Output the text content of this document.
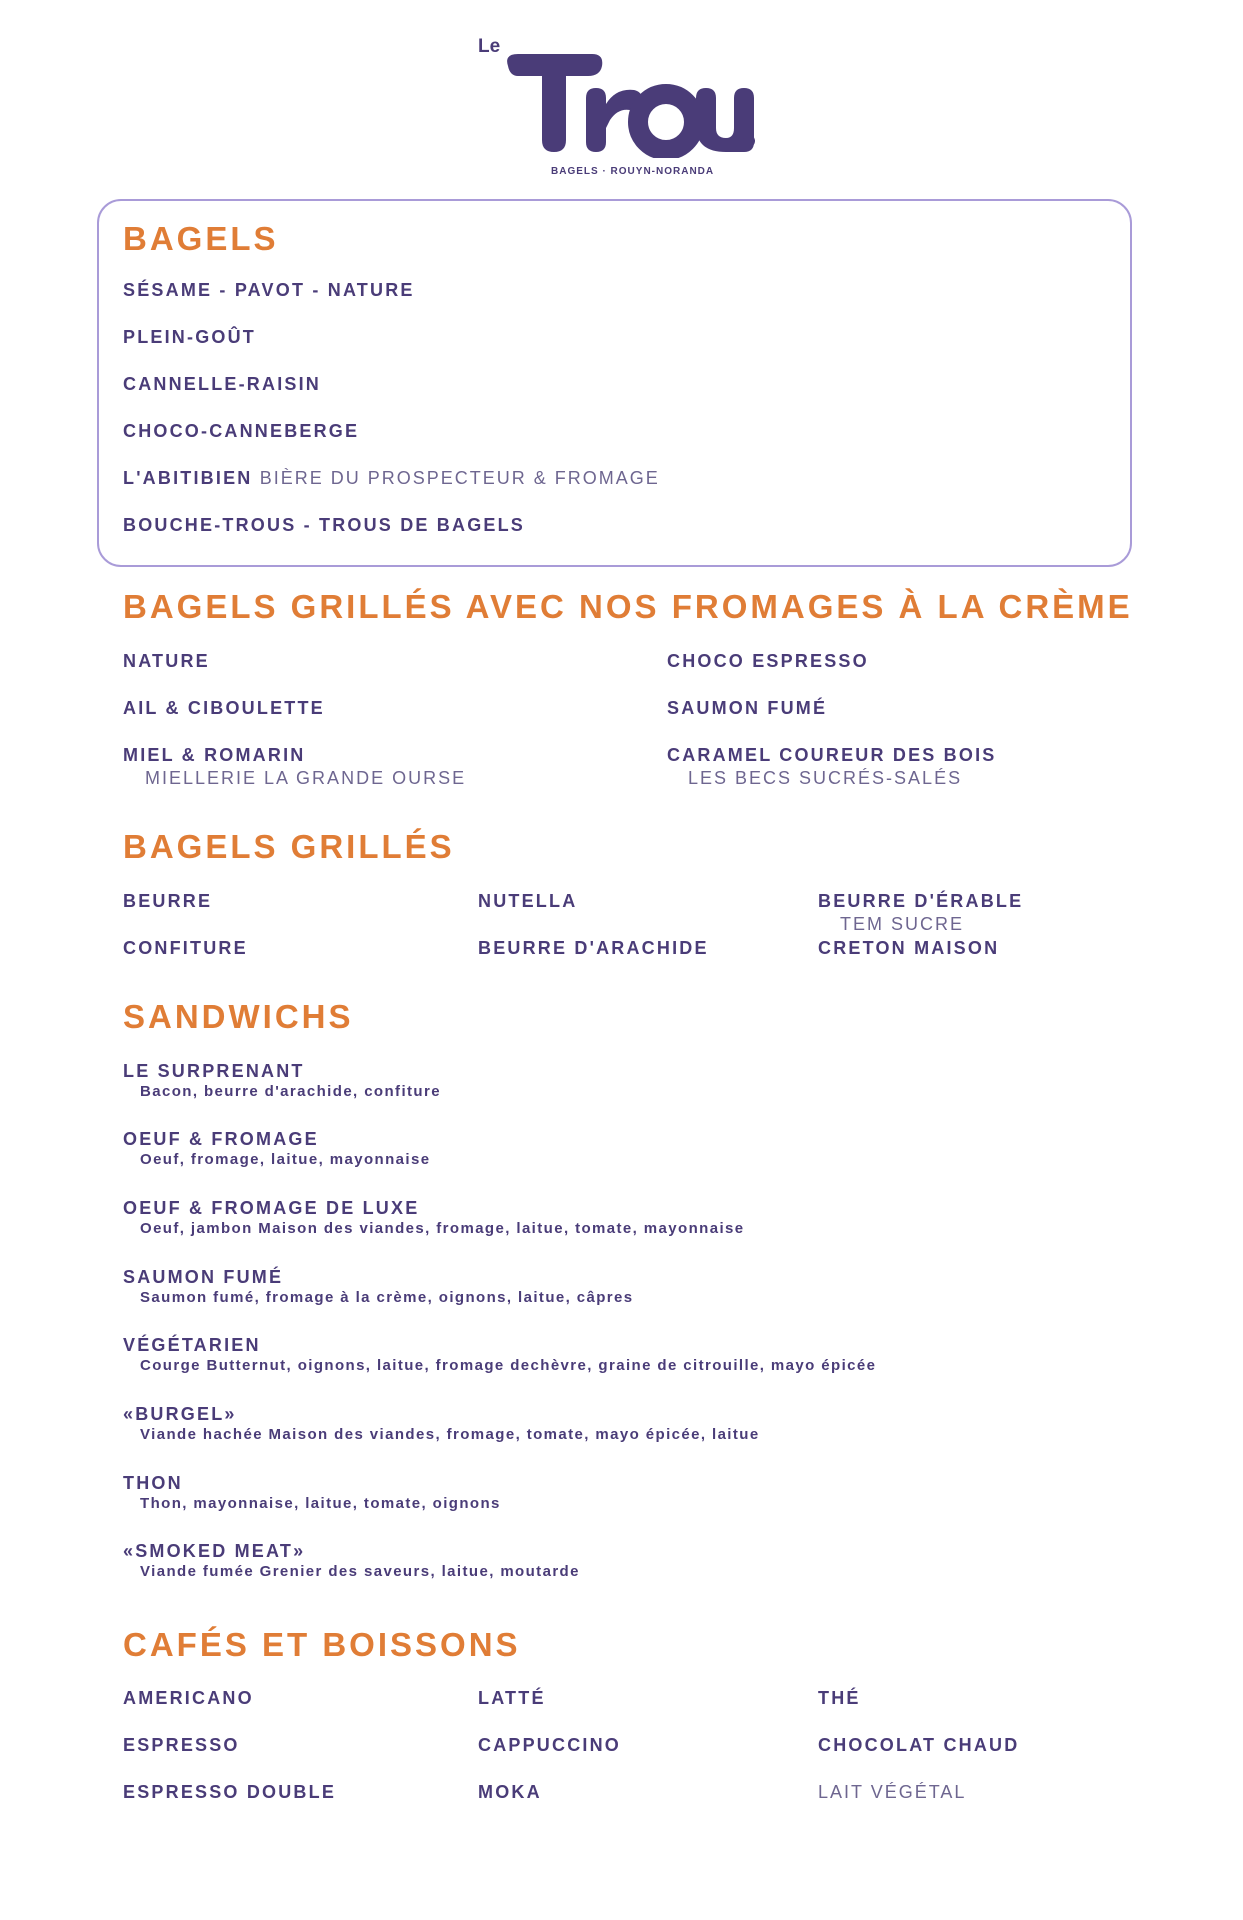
Le
BAGELS · ROUYN-NORANDA
BAGELS
SÉSAME - PAVOT - NATURE
PLEIN-GOÛT
CANNELLE-RAISIN
CHOCO-CANNEBERGE
L'ABITIBIEN BIÈRE DU PROSPECTEUR & FROMAGE
BOUCHE-TROUS - TROUS DE BAGELS
BAGELS GRILLÉS AVEC NOS FROMAGES À LA CRÈME
NATURE
AIL & CIBOULETTE
MIEL & ROMARIN
MIELLERIE LA GRANDE OURSE
CHOCO ESPRESSO
SAUMON FUMÉ
CARAMEL COUREUR DES BOIS
LES BECS SUCRÉS-SALÉS
BAGELS GRILLÉS
BEURRE
CONFITURE
NUTELLA
BEURRE D'ARACHIDE
BEURRE D'ÉRABLE
TEM SUCRE
CRETON MAISON
SANDWICHS
LE SURPRENANT
Bacon, beurre d'arachide, confiture
OEUF & FROMAGE
Oeuf, fromage, laitue, mayonnaise
OEUF & FROMAGE DE LUXE
Oeuf, jambon Maison des viandes, fromage, laitue, tomate, mayonnaise
SAUMON FUMÉ
Saumon fumé, fromage à la crème, oignons, laitue, câpres
VÉGÉTARIEN
Courge Butternut, oignons, laitue, fromage dechèvre, graine de citrouille, mayo épicée
«BURGEL»
Viande hachée Maison des viandes, fromage, tomate, mayo épicée, laitue
THON
Thon, mayonnaise, laitue, tomate, oignons
«SMOKED MEAT»
Viande fumée Grenier des saveurs, laitue, moutarde
CAFÉS ET BOISSONS
AMERICANO
ESPRESSO
ESPRESSO DOUBLE
LATTÉ
CAPPUCCINO
MOKA
THÉ
CHOCOLAT CHAUD
LAIT VÉGÉTAL
